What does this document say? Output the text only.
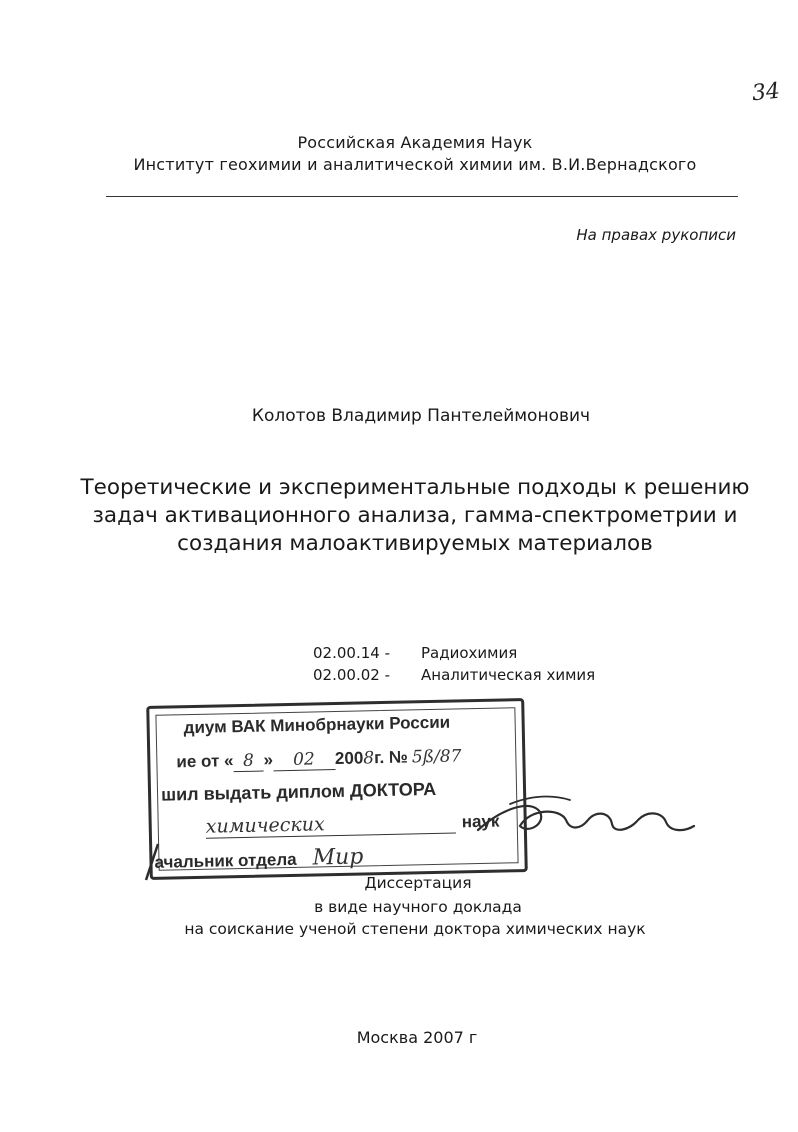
34
Российская Академия Наук
Институт геохимии и аналитической химии им. В.И.Вернадского
На правах рукописи
Колотов Владимир Пантелеймонович
Теоретические и экспериментальные подходы к решению
задач активационного анализа, гамма-спектрометрии и
создания малоактивируемых материалов
02.00.14 - Радиохимия
02.00.02 - Аналитическая химия
диум ВАК Минобрнауки России
ие от « 8 » 02 2008г. № 5ß/87
шил выдать диплом ДОКТОРА
химических	наук
ачальник отдела Мир
Диссертация
в виде научного доклада
на соискание ученой степени доктора химических наук
Москва 2007 г
